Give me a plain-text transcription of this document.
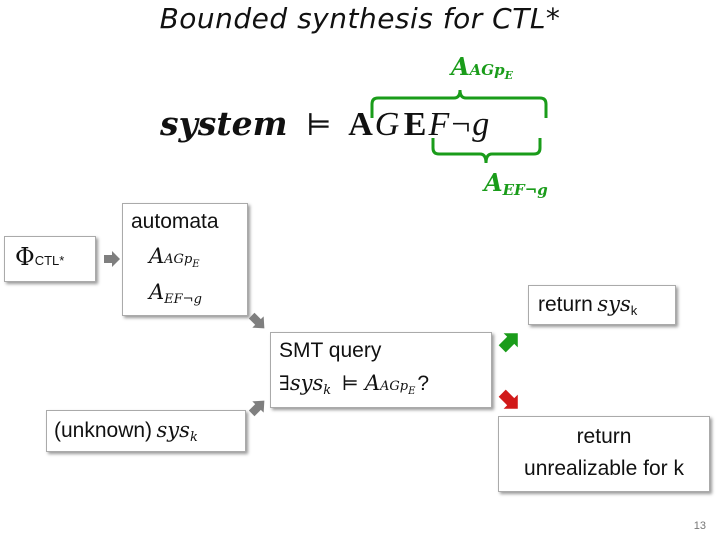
Bounded synthesis for CTL*
system ⊨ AG EF¬g
AAGpE
AEF¬g
ΦCTL*
automata
AAGp$_E$
$A_{EF\neg g}$
SMT query
∃sys$_k$ ⊨ AAGp$_E$?
(unknown) sys$_k$
return sys$_k$
return
unrealizable for k
13
